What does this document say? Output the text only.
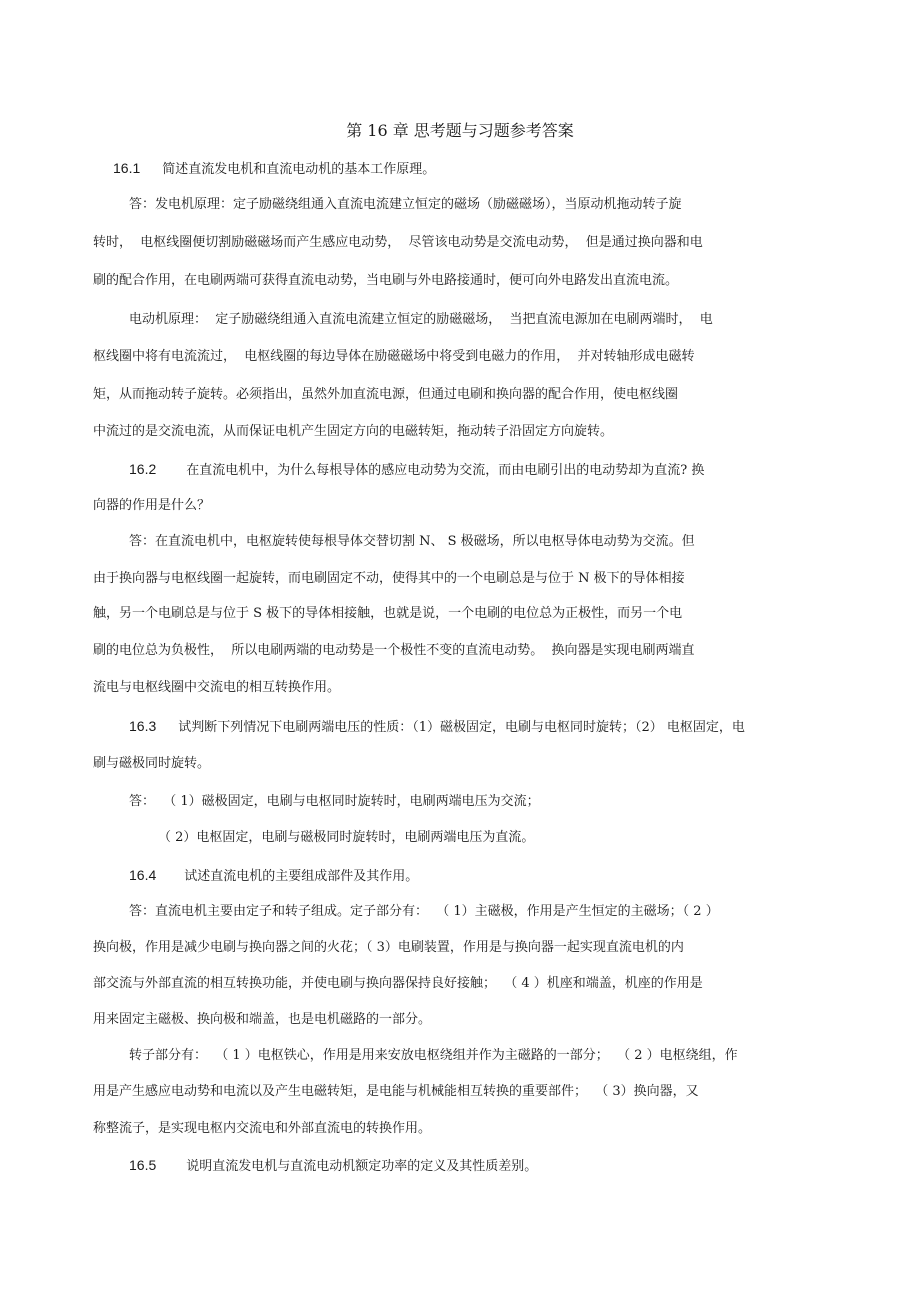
第 16 章 思考题与习题参考答案
16.1 简述直流发电机和直流电动机的基本工作原理。
答：发电机原理：定子励磁绕组通入直流电流建立恒定的磁场（励磁磁场），当原动机拖动转子旋
转时，  电枢线圈便切割励磁磁场而产生感应电动势，  尽管该电动势是交流电动势，  但是通过换向器和电
刷的配合作用，在电刷两端可获得直流电动势，当电刷与外电路接通时，便可向外电路发出直流电流。
电动机原理：  定子励磁绕组通入直流电流建立恒定的励磁磁场，  当把直流电源加在电刷两端时，  电
枢线圈中将有电流流过，  电枢线圈的每边导体在励磁磁场中将受到电磁力的作用，  并对转轴形成电磁转
矩，从而拖动转子旋转。必须指出，虽然外加直流电源，但通过电刷和换向器的配合作用，使电枢线圈
中流过的是交流电流，从而保证电机产生固定方向的电磁转矩，拖动转子沿固定方向旋转。
16.2 在直流电机中，为什么每根导体的感应电动势为交流，而由电刷引出的电动势却为直流? 换
向器的作用是什么？
答：在直流电机中，电枢旋转使每根导体交替切割 N、 S 极磁场，所以电枢导体电动势为交流。但
由于换向器与电枢线圈一起旋转，而电刷固定不动，使得其中的一个电刷总是与位于 N 极下的导体相接
触，另一个电刷总是与位于 S 极下的导体相接触，也就是说，一个电刷的电位总为正极性，而另一个电
刷的电位总为负极性，  所以电刷两端的电动势是一个极性不变的直流电动势。  换向器是实现电刷两端直
流电与电枢线圈中交流电的相互转换作用。
16.3 试判断下列情况下电刷两端电压的性质：（1）磁极固定，电刷与电枢同时旋转；（2） 电枢固定，电
刷与磁极同时旋转。
答：  （ 1）磁极固定，电刷与电枢同时旋转时，电刷两端电压为交流；
（ 2）电枢固定，电刷与磁极同时旋转时，电刷两端电压为直流。
16.4 试述直流电机的主要组成部件及其作用。
答：直流电机主要由定子和转子组成。定子部分有：  （ 1）主磁极，作用是产生恒定的主磁场；（ 2 ）
换向极，作用是减少电刷与换向器之间的火花；（ 3）电刷装置，作用是与换向器一起实现直流电机的内
部交流与外部直流的相互转换功能，并使电刷与换向器保持良好接触；  （ 4 ）机座和端盖，机座的作用是
用来固定主磁极、换向极和端盖，也是电机磁路的一部分。
转子部分有：  （ 1 ）电枢铁心，作用是用来安放电枢绕组并作为主磁路的一部分；  （ 2 ）电枢绕组，作
用是产生感应电动势和电流以及产生电磁转矩，是电能与机械能相互转换的重要部件；  （ 3）换向器，又
称整流子，是实现电枢内交流电和外部直流电的转换作用。
16.5 说明直流发电机与直流电动机额定功率的定义及其性质差别。
